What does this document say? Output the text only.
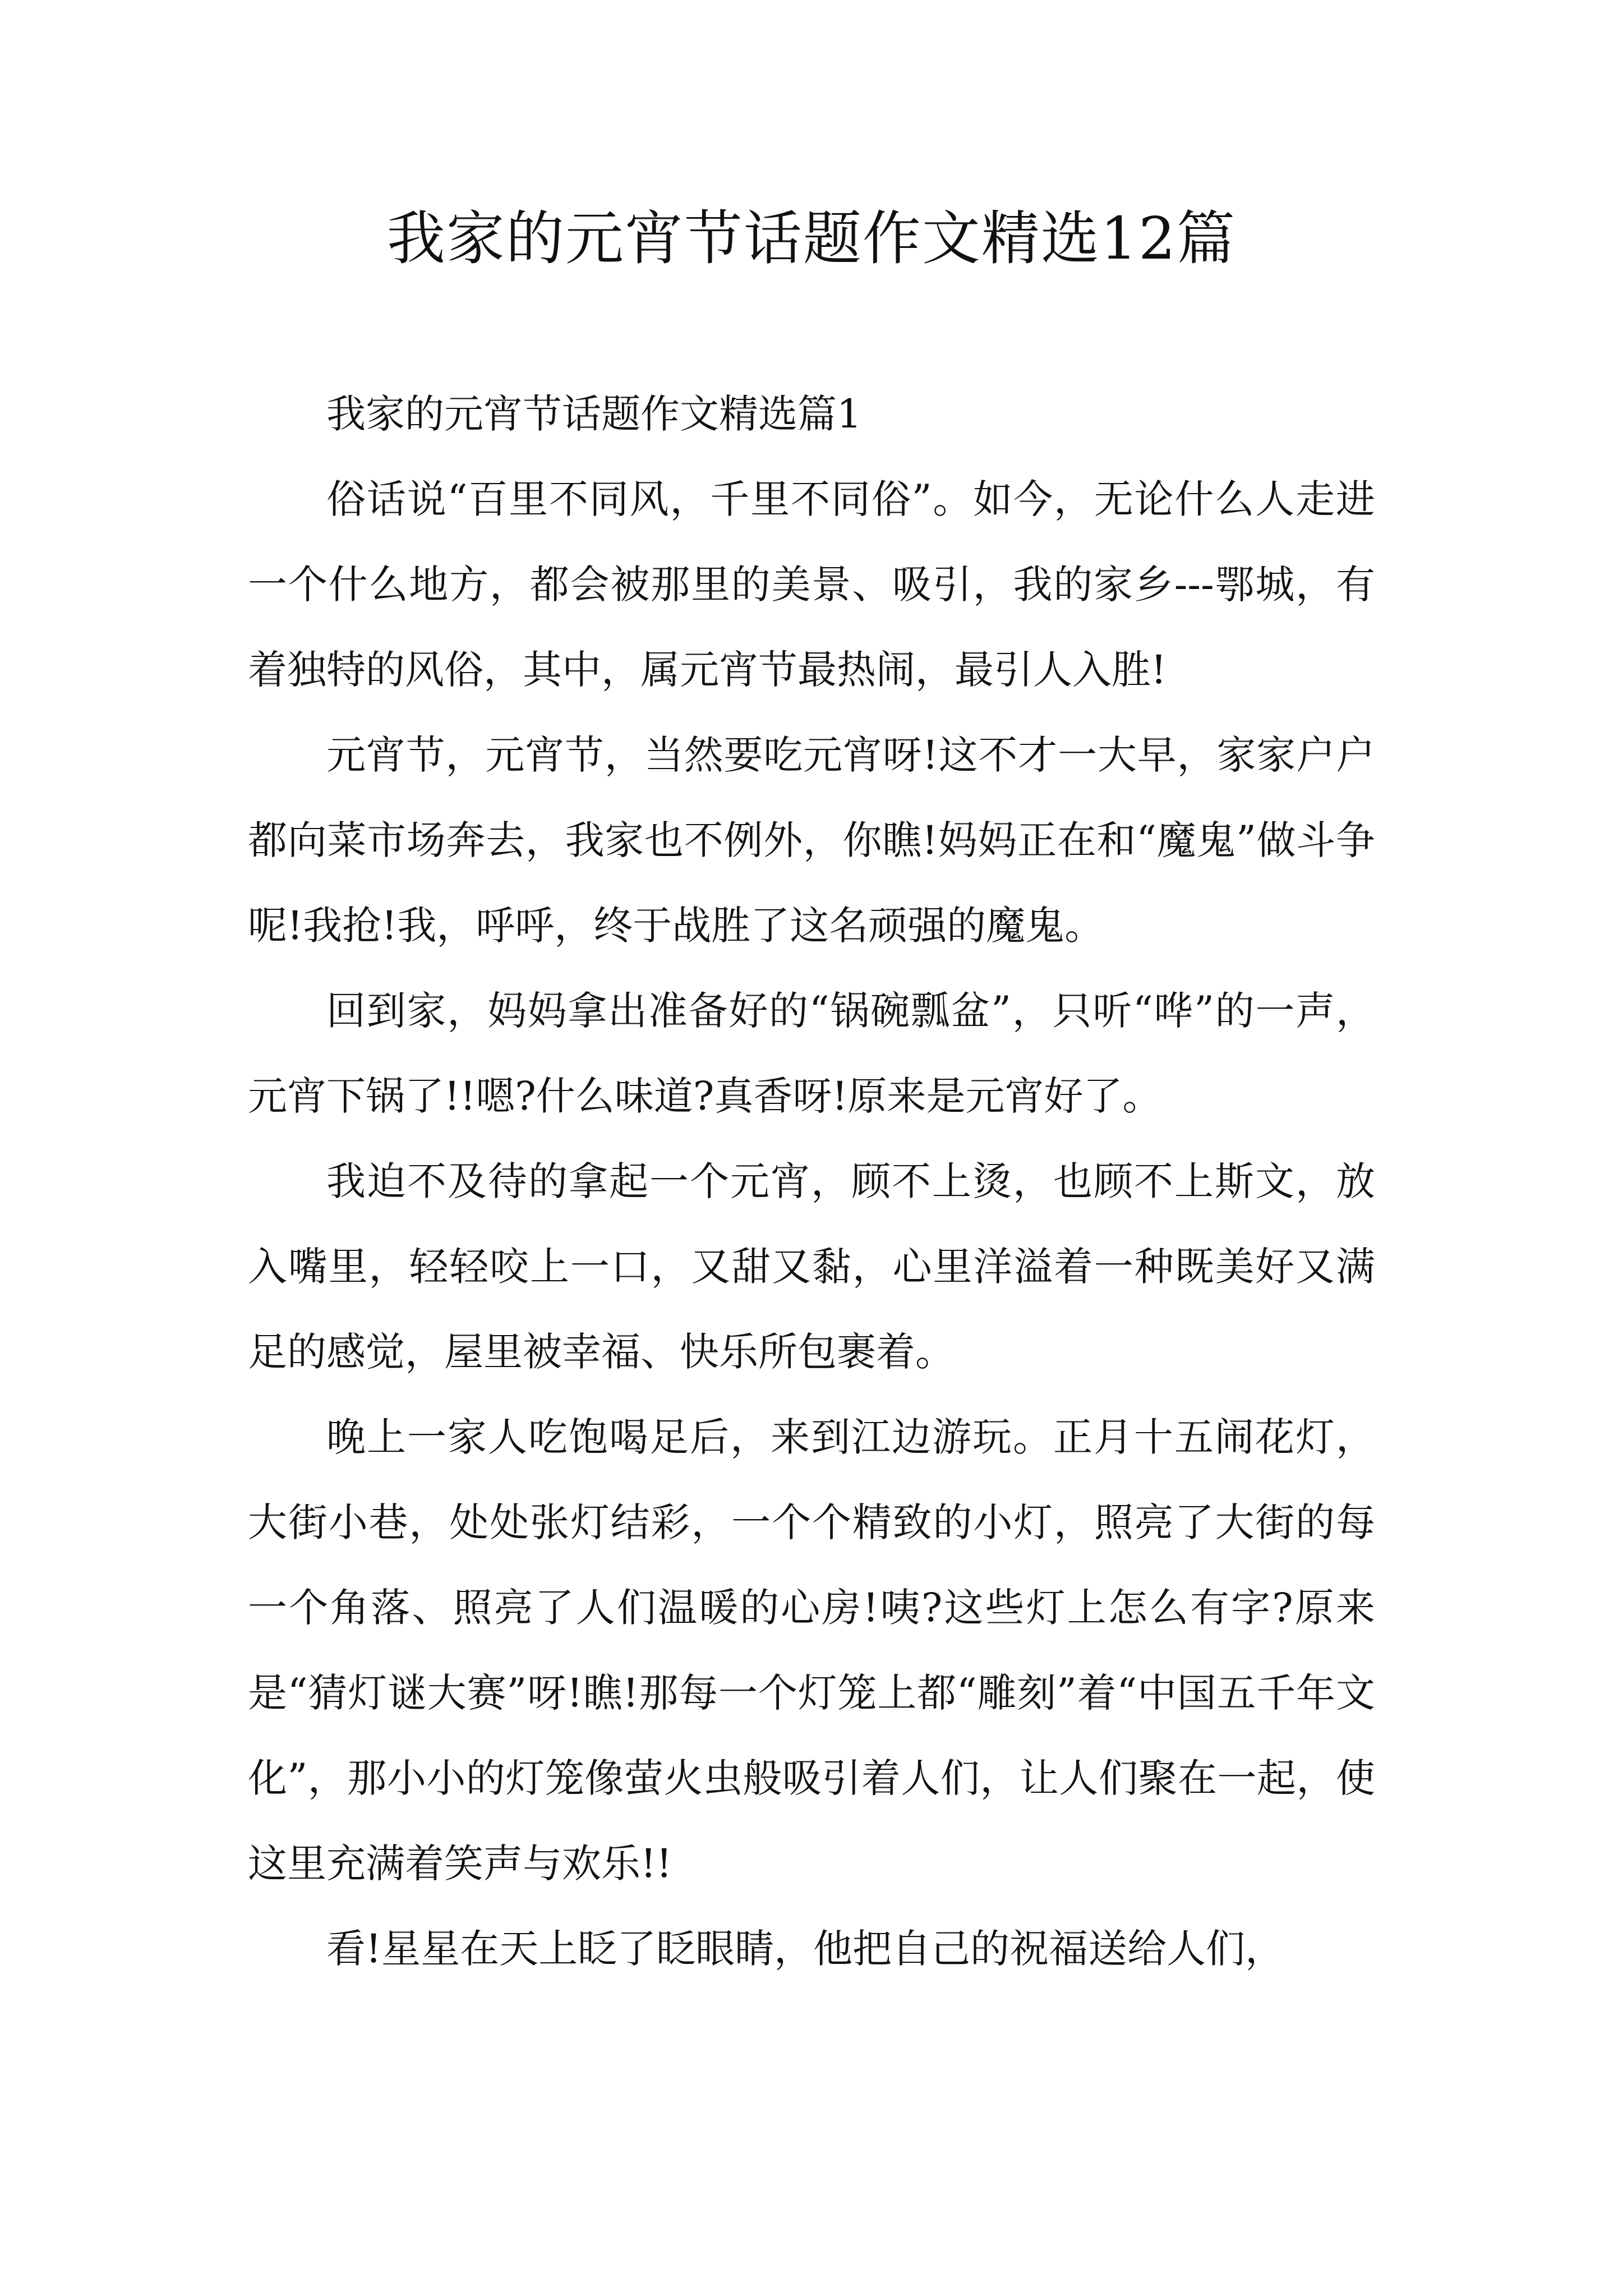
我家的元宵节话题作文精选12篇

我家的元宵节话题作文精选篇1

俗话说“百里不同风，千里不同俗”。如今，无论什么人走进一个什么地方，都会被那里的美景、吸引，我的家乡---鄂城，有着独特的风俗，其中，属元宵节最热闹，最引人入胜!

元宵节，元宵节，当然要吃元宵呀!这不才一大早，家家户户都向菜市场奔去，我家也不例外，你瞧!妈妈正在和“魔鬼”做斗争呢!我抢!我，呼呼，终于战胜了这名顽强的魔鬼。

回到家，妈妈拿出准备好的“锅碗瓢盆”，只听“哗”的一声，元宵下锅了!!嗯?什么味道?真香呀!原来是元宵好了。

我迫不及待的拿起一个元宵，顾不上烫，也顾不上斯文，放入嘴里，轻轻咬上一口，又甜又黏，心里洋溢着一种既美好又满足的感觉，屋里被幸福、快乐所包裹着。

晚上一家人吃饱喝足后，来到江边游玩。正月十五闹花灯，大街小巷，处处张灯结彩，一个个精致的小灯，照亮了大街的每一个角落、照亮了人们温暖的心房!咦?这些灯上怎么有字?原来是“猜灯谜大赛”呀!瞧!那每一个灯笼上都“雕刻”着“中国五千年文化”，那小小的灯笼像萤火虫般吸引着人们，让人们聚在一起，使这里充满着笑声与欢乐!!

看!星星在天上眨了眨眼睛，他把自己的祝福送给人们，
